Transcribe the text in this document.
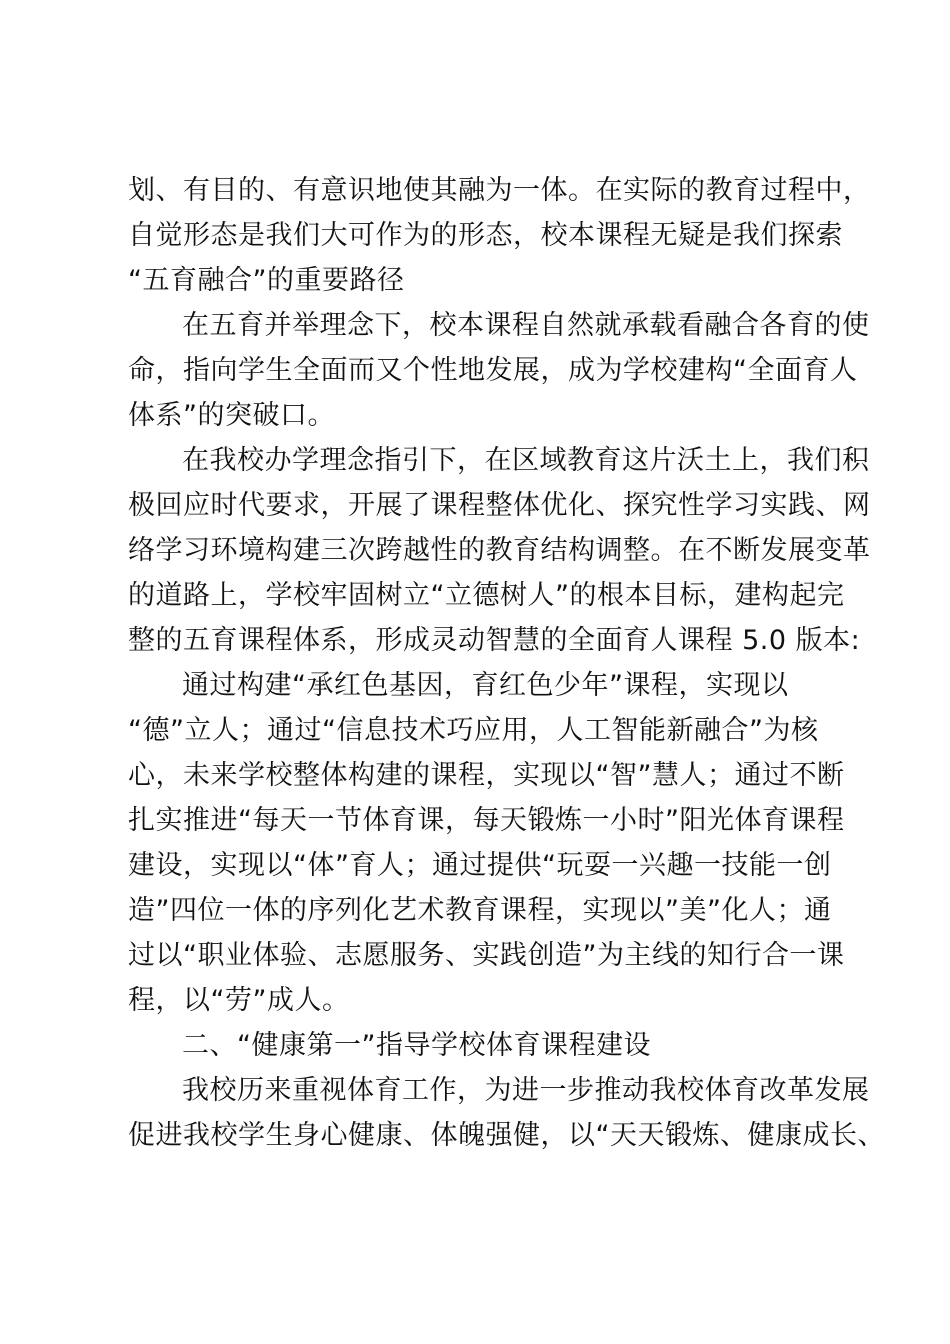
划、有目的、有意识地使其融为一体。在实际的教育过程中，
自觉形态是我们大可作为的形态，校本课程无疑是我们探索
“五育融合”的重要路径
在五育并举理念下，校本课程自然就承载看融合各育的使
命，指向学生全面而又个性地发展，成为学校建构“全面育人
体系”的突破口。
在我校办学理念指引下，在区域教育这片沃土上，我们积
极回应时代要求，开展了课程整体优化、探究性学习实践、网
络学习环境构建三次跨越性的教育结构调整。在不断发展变革
的道路上，学校牢固树立“立德树人”的根本目标，建构起完
整的五育课程体系，形成灵动智慧的全面育人课程 5.0 版本:
通过构建“承红色基因，育红色少年”课程，实现以
“德”立人；通过“信息技术巧应用，人工智能新融合”为核
心，未来学校整体构建的课程，实现以“智”慧人；通过不断
扎实推进“每天一节体育课，每天锻炼一小时”阳光体育课程
建设，实现以“体”育人；通过提供“玩耍一兴趣一技能一创
造”四位一体的序列化艺术教育课程，实现以”美”化人；通
过以“职业体验、志愿服务、实践创造”为主线的知行合一课
程，以“劳”成人。
二、“健康第一”指导学校体育课程建设
我校历来重视体育工作，为进一步推动我校体育改革发展
促进我校学生身心健康、体魄强健，以“天天锻炼、健康成长、
